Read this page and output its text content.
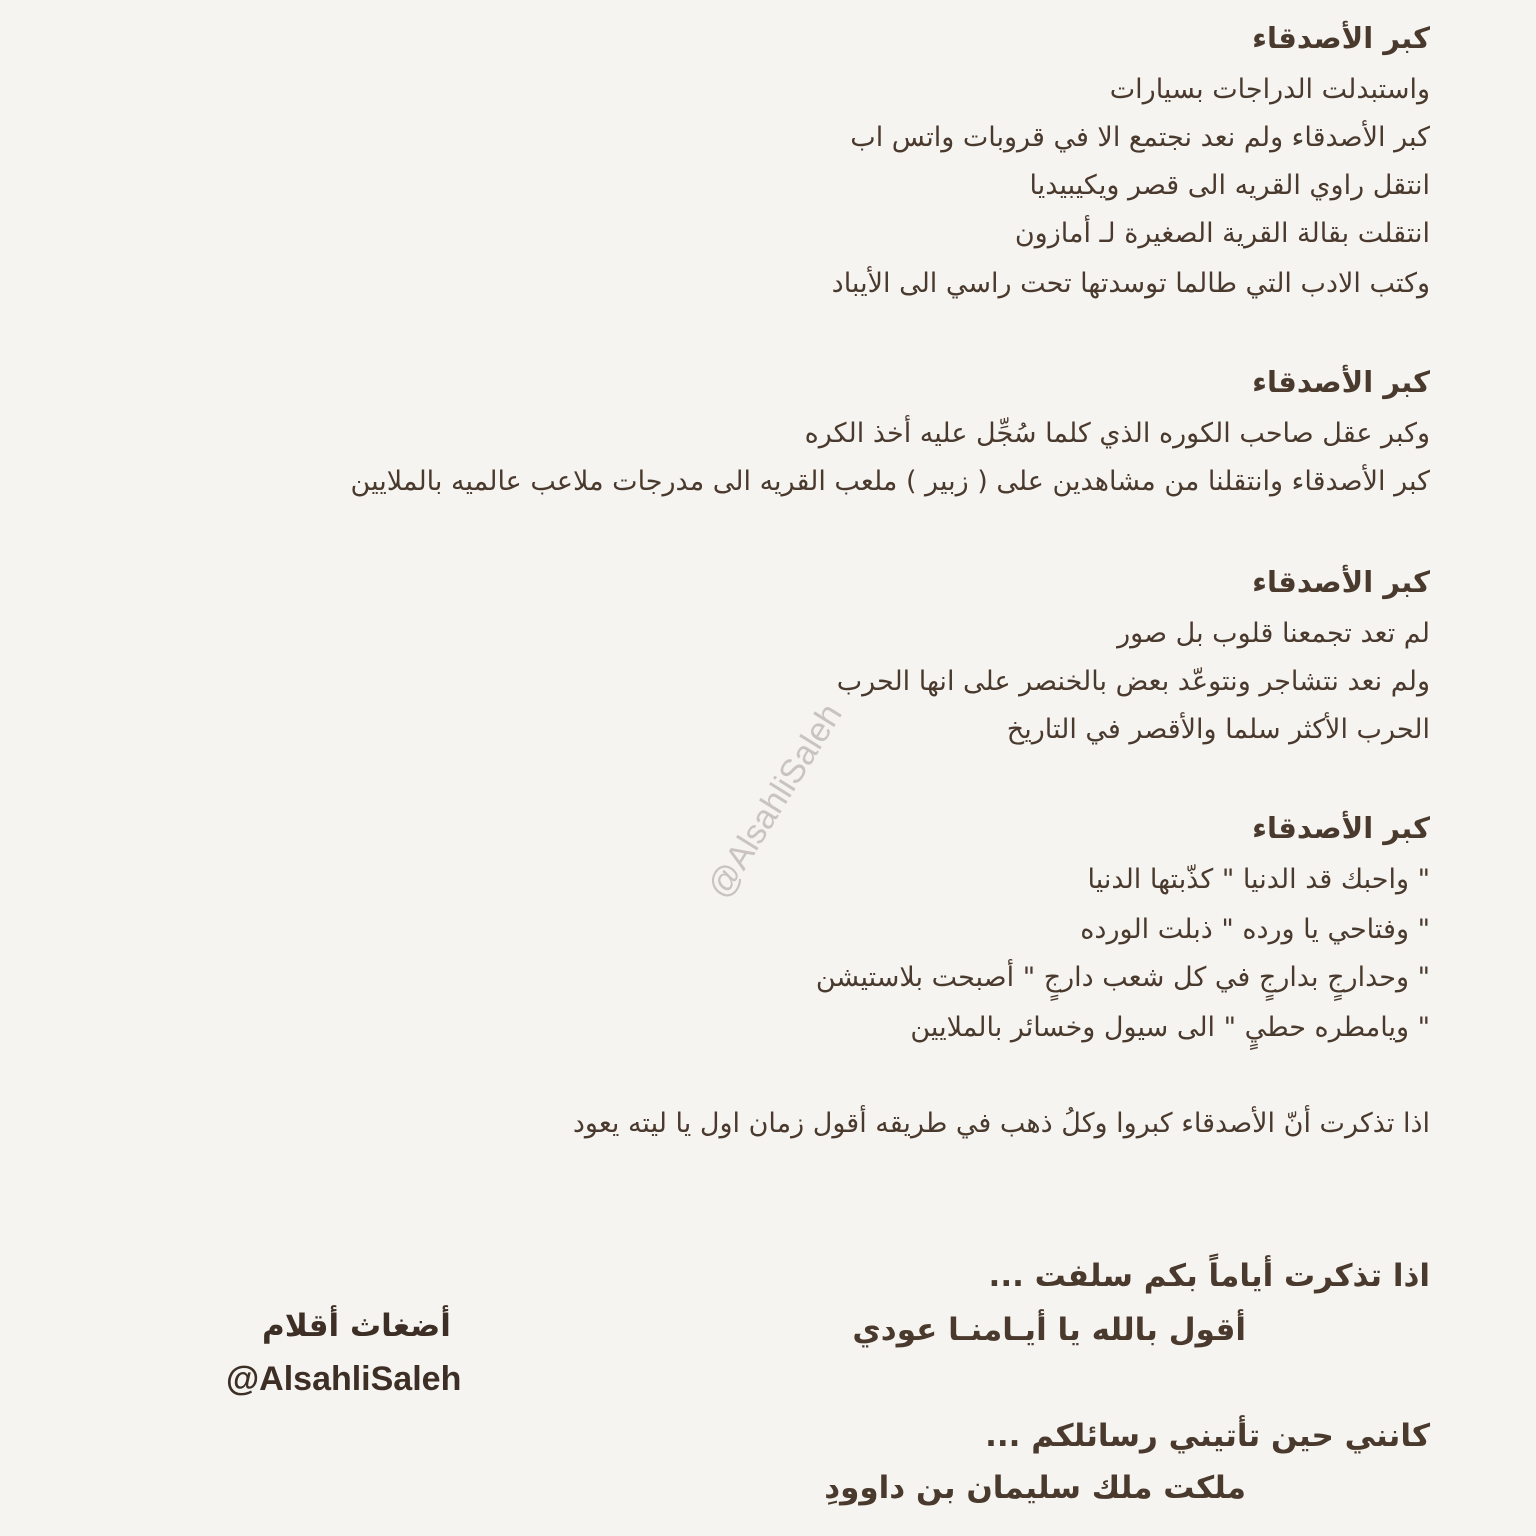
كبر الأصدقاء
واستبدلت الدراجات بسيارات
كبر الأصدقاء ولم نعد نجتمع الا في قروبات واتس اب
انتقل راوي القريه الى قصر ويكيبيديا
انتقلت بقالة القرية الصغيرة لـ أمازون
وكتب الادب التي طالما توسدتها تحت راسي الى الأيباد
كبر الأصدقاء
وكبر عقل صاحب الكوره الذي كلما سُجِّل عليه أخذ الكره
كبر الأصدقاء وانتقلنا من مشاهدين على ( زبير ) ملعب القريه الى مدرجات ملاعب عالميه بالملايين
كبر الأصدقاء
لم تعد تجمعنا قلوب بل صور
ولم نعد نتشاجر ونتوعّد بعض بالخنصر على انها الحرب
الحرب الأكثر سلما والأقصر في التاريخ
كبر الأصدقاء
" واحبك قد الدنيا " كذّبتها الدنيا
" وفتاحي يا ورده " ذبلت الورده
" وحدارجٍ بدارجٍ في كل شعب دارجٍ " أصبحت بلاستيشن
" ويامطره حطيٍ " الى سيول وخسائر بالملايين
اذا تذكرت أنّ الأصدقاء كبروا وكلُ ذهب في طريقه أقول زمان اول يا ليته يعود
اذا تذكرت أياماً بكم سلفت ...
أقول بالله يا أيـامنـا عودي
كانني حين تأتيني رسائلكم ...
ملكت ملك سليمان بن داوودِ
أضغاث أقلام
@AlsahliSaleh
@AlsahliSaleh
